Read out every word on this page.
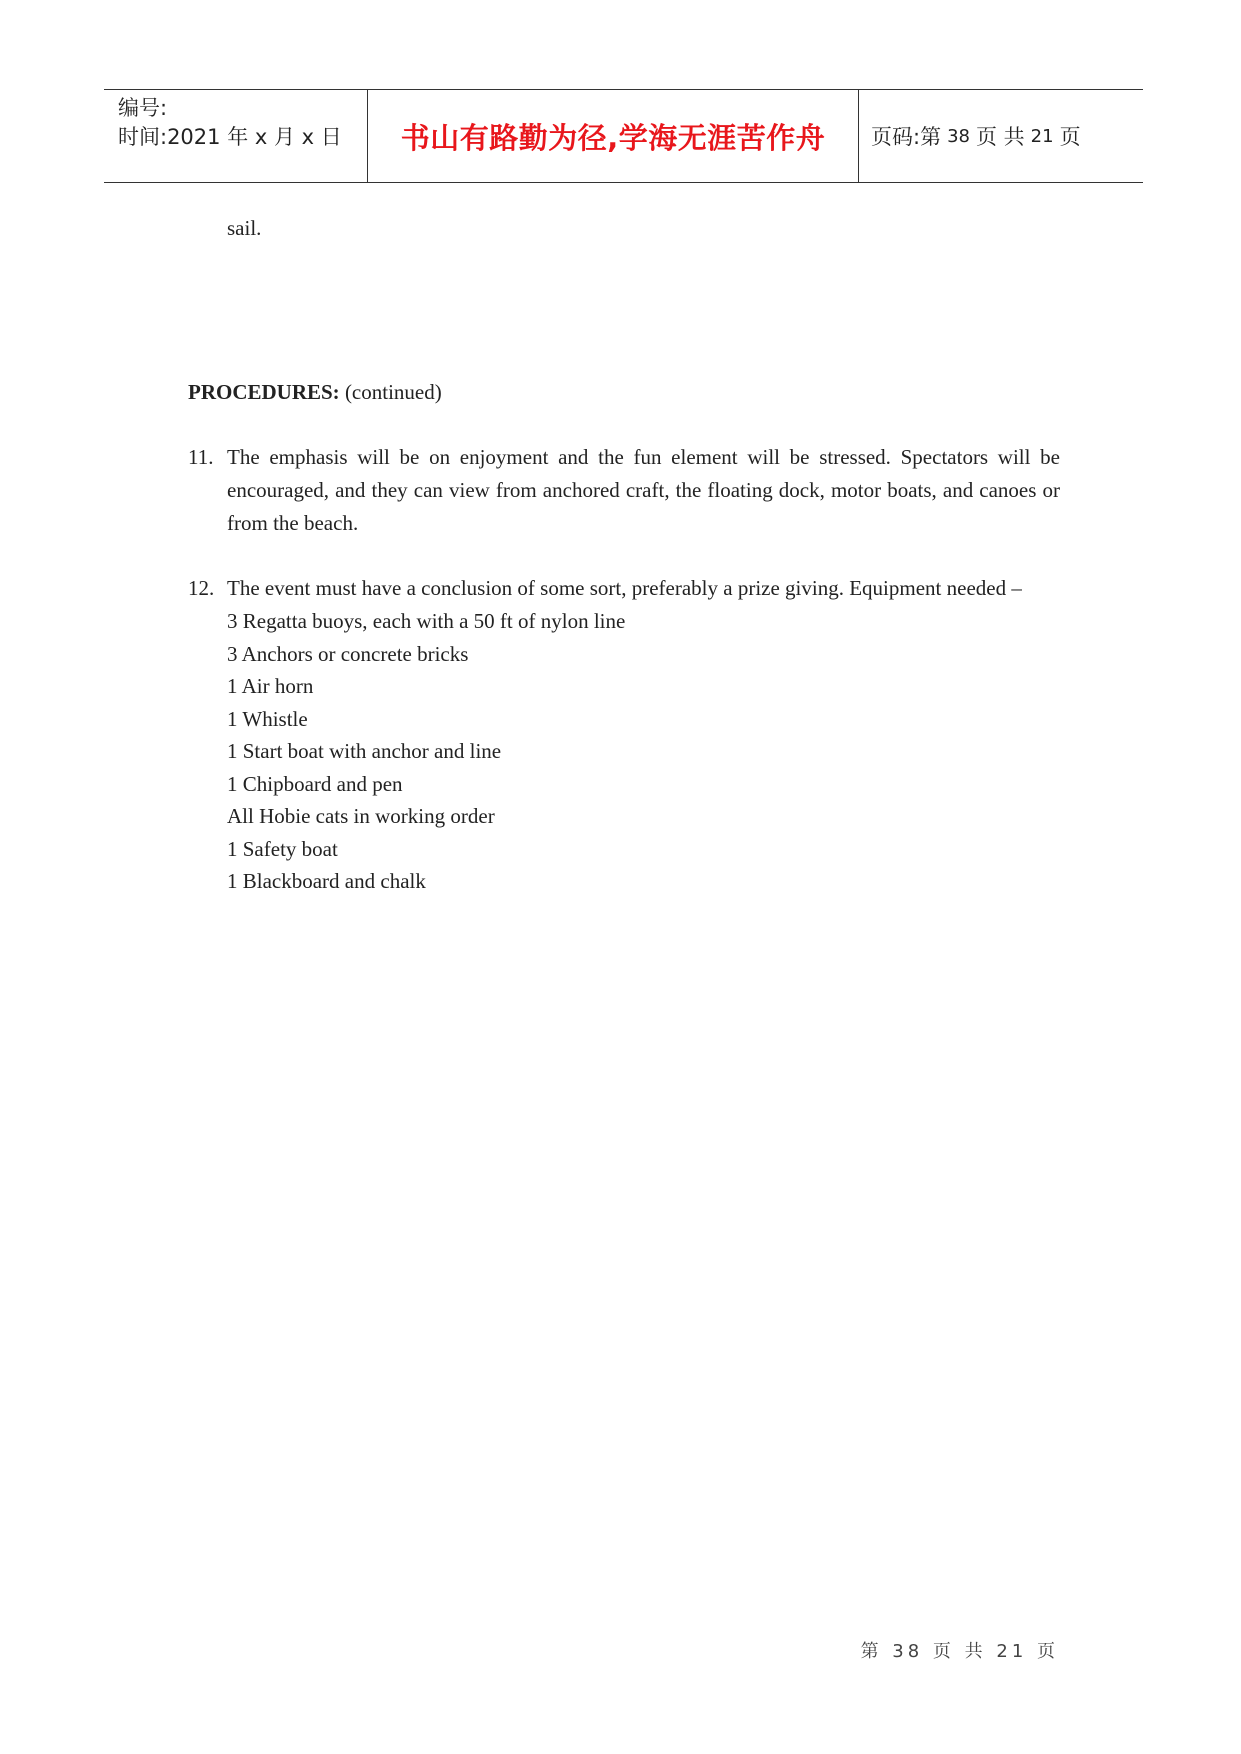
编号:
时间:2021 年 x 月 x 日	书山有路勤为径,学海无涯苦作舟	页码:第 38 页 共 21 页
sail.
PROCEDURES: (continued)
11. The emphasis will be on enjoyment and the fun element will be stressed. Spectators will be encouraged, and they can view from anchored craft, the floating dock, motor boats, and canoes or from the beach.
12. The event must have a conclusion of some sort, preferably a prize giving. Equipment needed –
3 Regatta buoys, each with a 50 ft of nylon line
3 Anchors or concrete bricks
1 Air horn
1 Whistle
1 Start boat with anchor and line
1 Chipboard and pen
All Hobie cats in working order
1 Safety boat
1 Blackboard and chalk
第 38 页 共 21 页
